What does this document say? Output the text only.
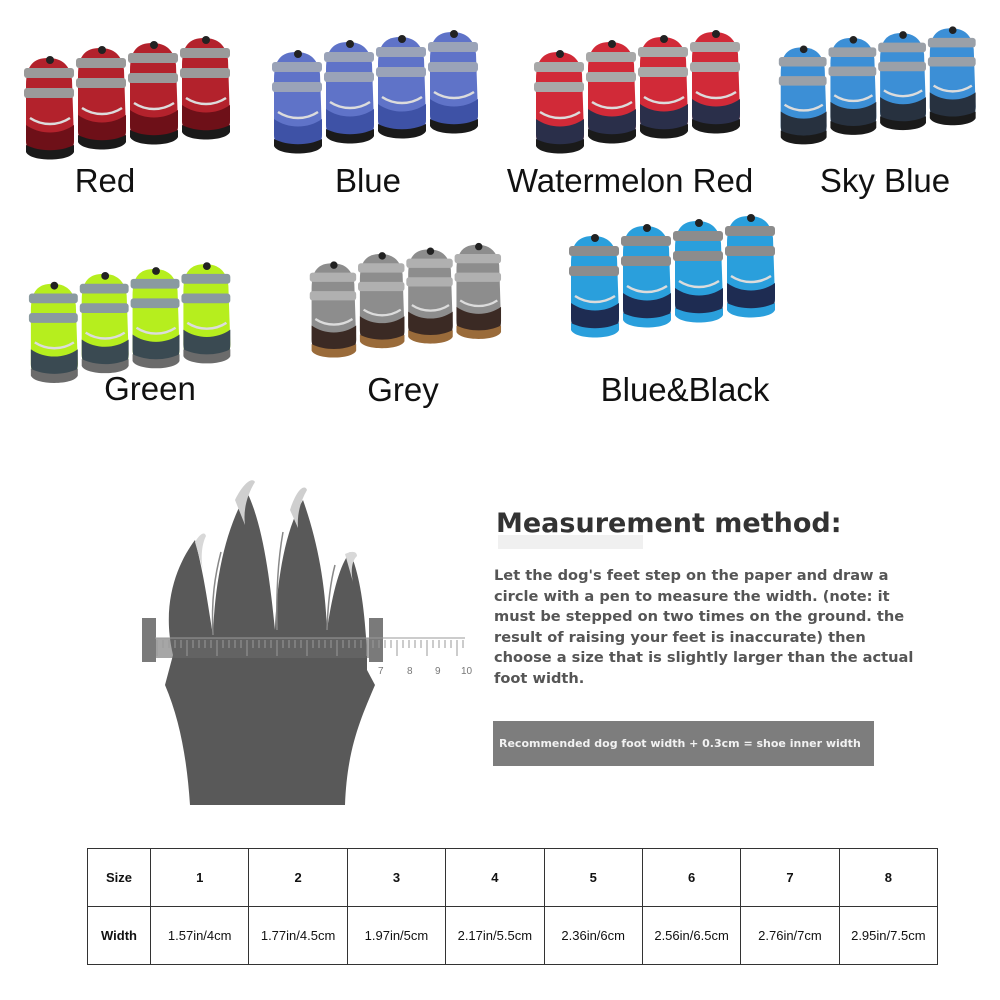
Red	Blue	Watermelon Red	Sky Blue
Green	Grey	Blue&Black
7 8 9 10
Measurement method:
Let the dog's feet step on the paper and draw a circle with a pen to measure the width. (note: it must be stepped on two times on the ground. the result of raising your feet is inaccurate) then choose a size that is slightly larger than the actual foot width.
Recommended dog foot width + 0.3cm = shoe inner width
Size	1	2	3	4	5	6	7	8
Width	1.57in/4cm	1.77in/4.5cm	1.97in/5cm	2.17in/5.5cm	2.36in/6cm	2.56in/6.5cm	2.76in/7cm	2.95in/7.5cm
